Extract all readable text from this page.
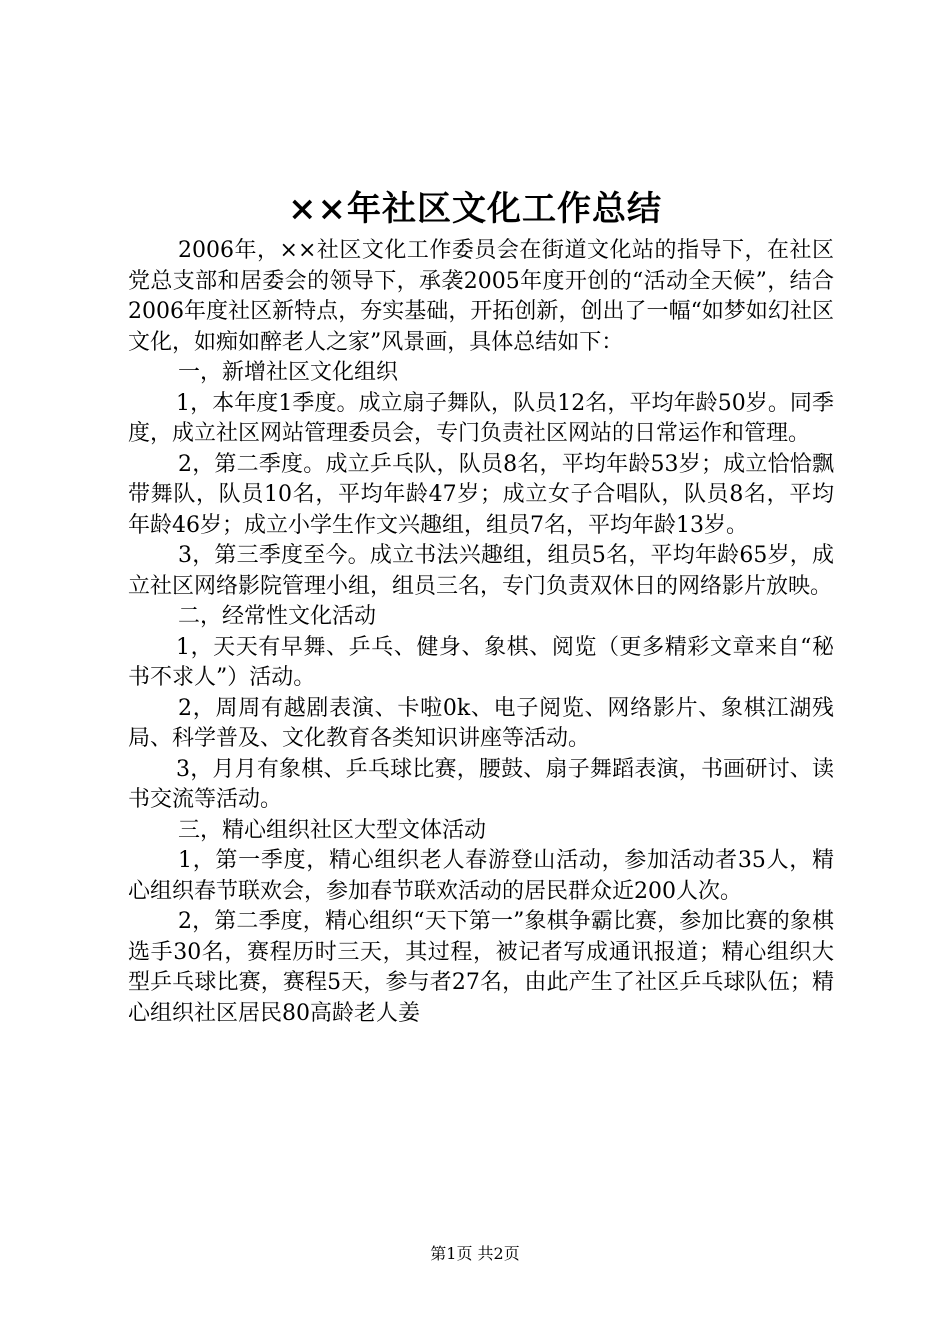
××年社区文化工作总结

2006年，××社区文化工作委员会在街道文化站的指导下，在社区党总支部和居委会的领导下，承袭2005年度开创的“活动全天候”，结合2006年度社区新特点，夯实基础，开拓创新，创出了一幅“如梦如幻社区文化，如痴如醉老人之家”风景画，具体总结如下：

一，新增社区文化组织

1，本年度1季度。成立扇子舞队，队员12名，平均年龄50岁。同季度，成立社区网站管理委员会，专门负责社区网站的日常运作和管理。

2，第二季度。成立乒乓队，队员8名，平均年龄53岁；成立恰恰飘带舞队，队员10名，平均年龄47岁；成立女子合唱队，队员8名，平均年龄46岁；成立小学生作文兴趣组，组员7名，平均年龄13岁。

3，第三季度至今。成立书法兴趣组，组员5名，平均年龄65岁，成立社区网络影院管理小组，组员三名，专门负责双休日的网络影片放映。

二，经常性文化活动

1，天天有早舞、乒乓、健身、象棋、阅览（更多精彩文章来自“秘书不求人”）活动。

2，周周有越剧表演、卡啦0k、电子阅览、网络影片、象棋江湖残局、科学普及、文化教育各类知识讲座等活动。

3，月月有象棋、乒乓球比赛，腰鼓、扇子舞蹈表演，书画研讨、读书交流等活动。

三，精心组织社区大型文体活动

1，第一季度，精心组织老人春游登山活动，参加活动者35人，精心组织春节联欢会，参加春节联欢活动的居民群众近200人次。

2，第二季度，精心组织“天下第一”象棋争霸比赛，参加比赛的象棋选手30名，赛程历时三天，其过程，被记者写成通讯报道；精心组织大型乒乓球比赛，赛程5天，参与者27名，由此产生了社区乒乓球队伍；精心组织社区居民80高龄老人姜

第1页 共2页
